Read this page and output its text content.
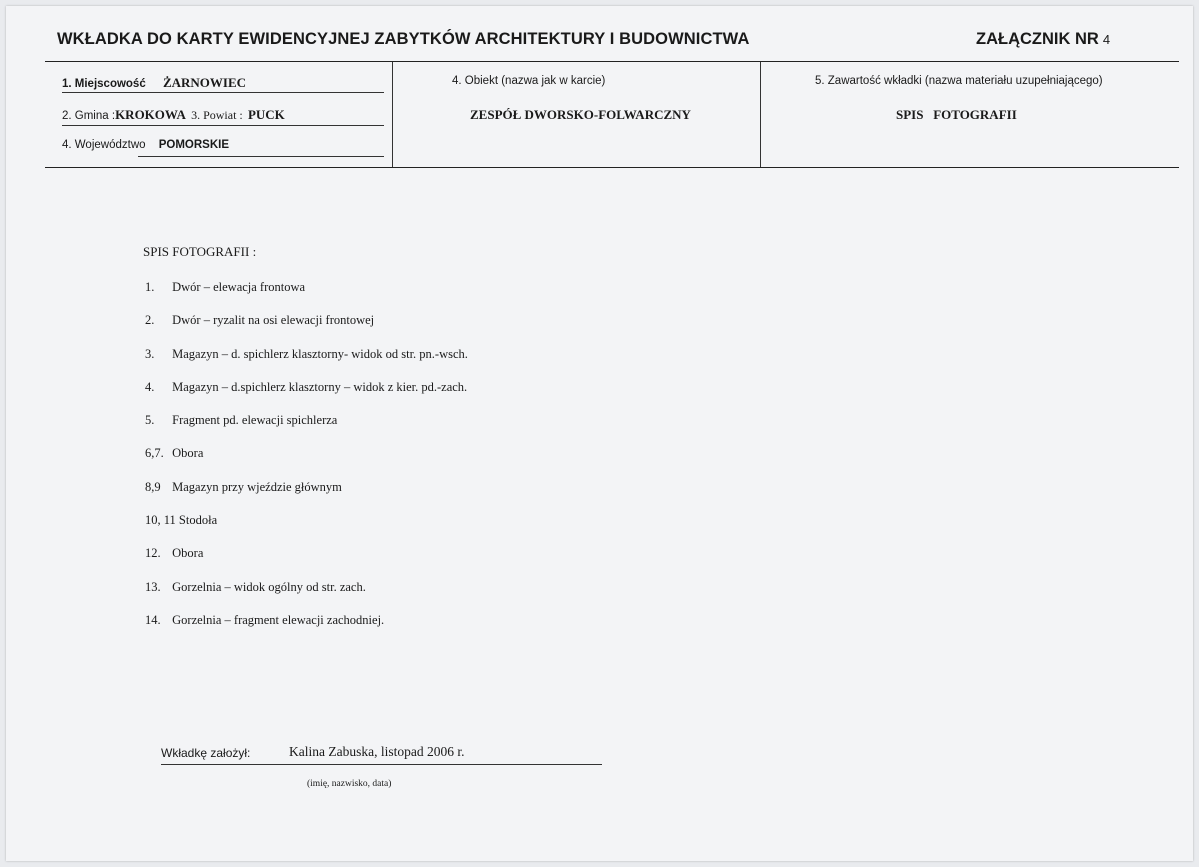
WKŁADKA DO KARTY EWIDENCYJNEJ ZABYTKÓW ARCHITEKTURY I BUDOWNICTWA	ZAŁĄCZNIK NR 4
1. Miejscowość ŻARNOWIEC
2. Gmina :KROKOWA 3. Powiat : PUCK
4. Województwo POMORSKIE
4. Obiekt (nazwa jak w karcie)
ZESPÓŁ DWORSKO-FOLWARCZNY
5. Zawartość wkładki (nazwa materiału uzupełniającego)
SPIS   FOTOGRAFII
SPIS FOTOGRAFII :
1. Dwór – elewacja frontowa
2. Dwór – ryzalit na osi elewacji frontowej
3. Magazyn – d. spichlerz klasztorny- widok od str. pn.-wsch.
4. Magazyn – d.spichlerz klasztorny – widok z kier. pd.-zach.
5. Fragment pd. elewacji spichlerza
6,7. Obora
8,9 Magazyn przy wjeździe głównym
10, 11 Stodoła
12. Obora
13. Gorzelnia – widok ogólny od str. zach.
14. Gorzelnia – fragment elewacji zachodniej.
Wkładkę założył:	Kalina Zabuska, listopad 2006 r.
(imię, nazwisko, data)
